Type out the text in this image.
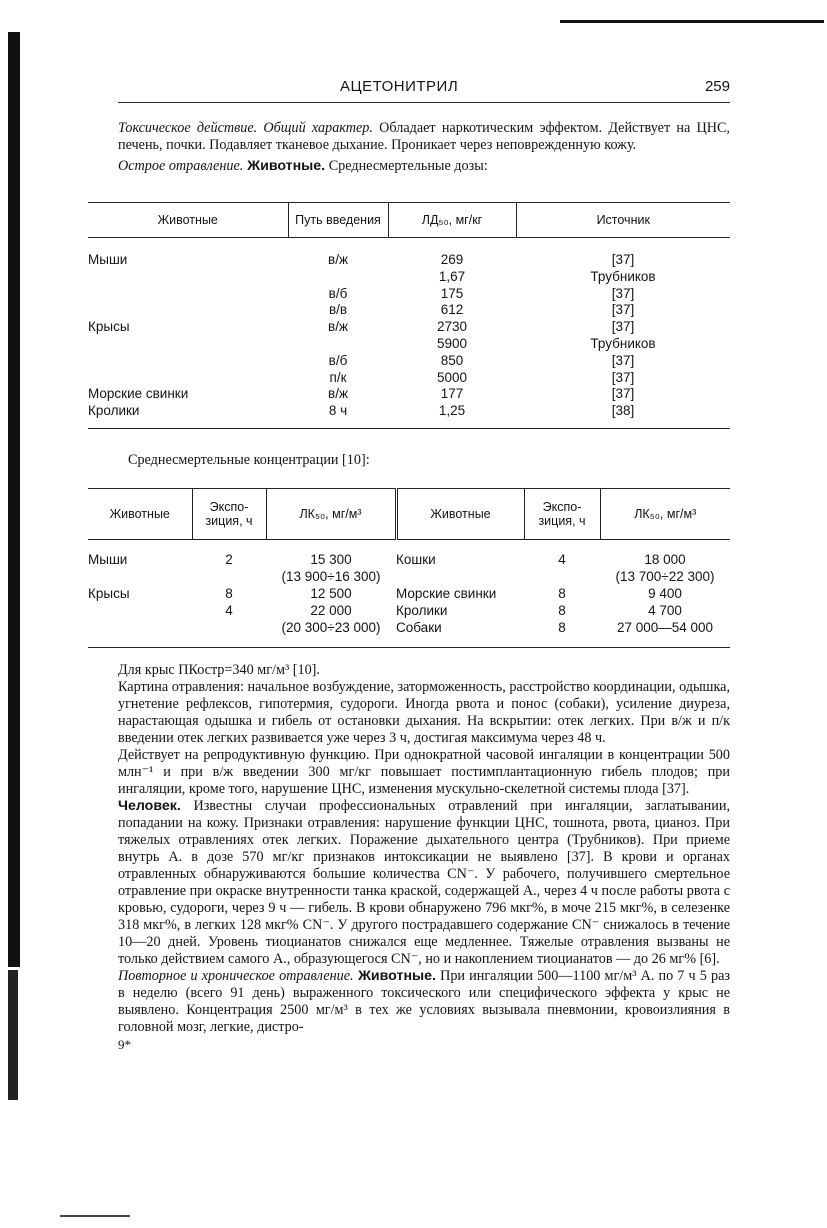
АЦЕТОНИТРИЛ	259

Токсическое действие. Общий характер. Обладает наркотическим эффектом. Действует на ЦНС, печень, почки. Подавляет тканевое дыхание. Проникает через неповрежденную кожу.

Острое отравление. Животные. Среднесмертельные дозы:

Животные	Путь введения	ЛД₅₀, мг/кг	Источник

Мыши	в/ж	269	[37]
		1,67	Трубников
	в/б	175	[37]
	в/в	612	[37]
Крысы	в/ж	2730	[37]
		5900	Трубников
	в/б	850	[37]
	п/к	5000	[37]
Морские свинки	в/ж	177	[37]
Кролики	8 ч	1,25	[38]

Среднесмертельные концентрации [10]:

Животные	Экспо-зиция, ч	ЛК₅₀, мг/м³	Животные	Экспо-зиция, ч	ЛК₅₀, мг/м³

Мыши	2	15 300	Кошки	4	18 000
		(13 900÷16 300)			(13 700÷22 300)
Крысы	8	12 500	Морские свинки	8	9 400
	4	22 000	Кролики	8	4 700
		(20 300÷23 000)	Собаки	8	27 000—54 000

Для крыс ПКостр=340 мг/м³ [10].

Картина отравления: начальное возбуждение, заторможенность, расстройство координации, одышка, угнетение рефлексов, гипотермия, судороги. Иногда рвота и понос (собаки), усиление диуреза, нарастающая одышка и гибель от остановки дыхания. На вскрытии: отек легких. При в/ж и п/к введении отек легких развивается уже через 3 ч, достигая максимума через 48 ч.

Действует на репродуктивную функцию. При однократной часовой ингаляции в концентрации 500 млн⁻¹ и при в/ж введении 300 мг/кг повышает постимплантационную гибель плодов; при ингаляции, кроме того, нарушение ЦНС, изменения мускульно-скелетной системы плода [37].

Человек. Известны случаи профессиональных отравлений при ингаляции, заглатывании, попадании на кожу. Признаки отравления: нарушение функции ЦНС, тошнота, рвота, цианоз. При тяжелых отравлениях отек легких. Поражение дыхательного центра (Трубников). При приеме внутрь А. в дозе 570 мг/кг признаков интоксикации не выявлено [37]. В крови и органах отравленных обнаруживаются большие количества CN⁻. У рабочего, получившего смертельное отравление при окраске внутренности танка краской, содержащей А., через 4 ч после работы рвота с кровью, судороги, через 9 ч — гибель. В крови обнаружено 796 мкг%, в моче 215 мкг%, в селезенке 318 мкг%, в легких 128 мкг% CN⁻. У другого пострадавшего содержание CN⁻ снижалось в течение 10—20 дней. Уровень тиоцианатов снижался еще медленнее. Тяжелые отравления вызваны не только действием самого А., образующегося CN⁻, но и накоплением тиоцианатов — до 26 мг% [6].

Повторное и хроническое отравление. Животные. При ингаляции 500—1100 мг/м³ А. по 7 ч 5 раз в неделю (всего 91 день) выраженного токсического или специфического эффекта у крыс не выявлено. Концентрация 2500 мг/м³ в тех же условиях вызывала пневмонии, кровоизлияния в головной мозг, легкие, дистро-

9*
